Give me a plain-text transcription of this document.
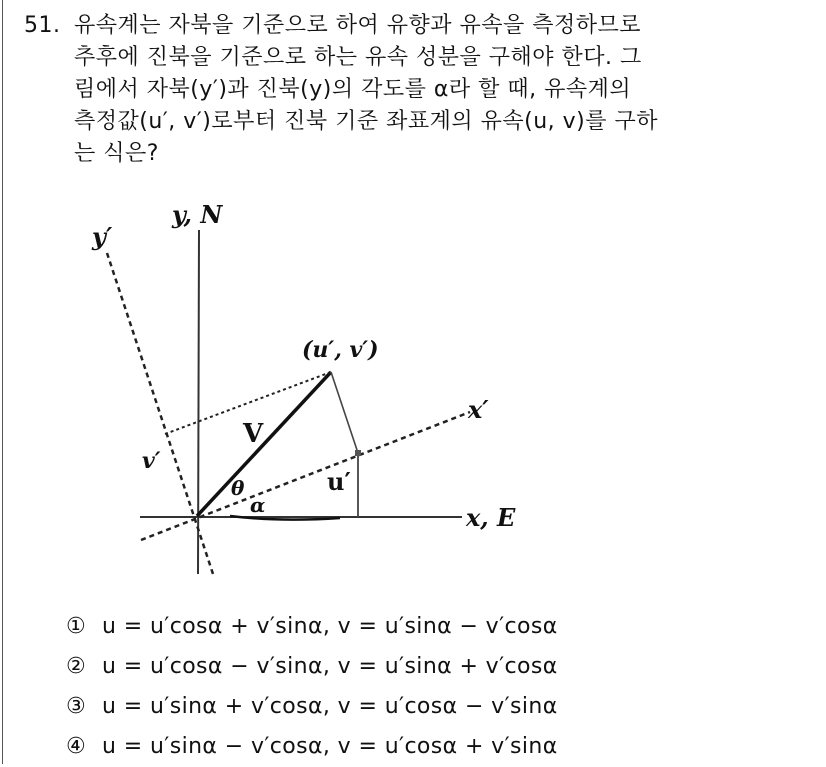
51. 유속계는 자북을 기준으로 하여 유향과 유속을 측정하므로
추후에 진북을 기준으로 하는 유속 성분을 구해야 한다. 그
림에서 자북(y′)과 진북(y)의 각도를 α라 할 때, 유속계의
측정값(u′, v′)로부터 진북 기준 좌표계의 유속(u, v)를 구하
는 식은?
y′
y, N
(u′, v′)
x′
V
v′
u′
θ
α	x, E
① u = u′cosα + v′sinα, v = u′sinα − v′cosα
② u = u′cosα − v′sinα, v = u′sinα + v′cosα
③ u = u′sinα + v′cosα, v = u′cosα − v′sinα
④ u = u′sinα − v′cosα, v = u′cosα + v′sinα
